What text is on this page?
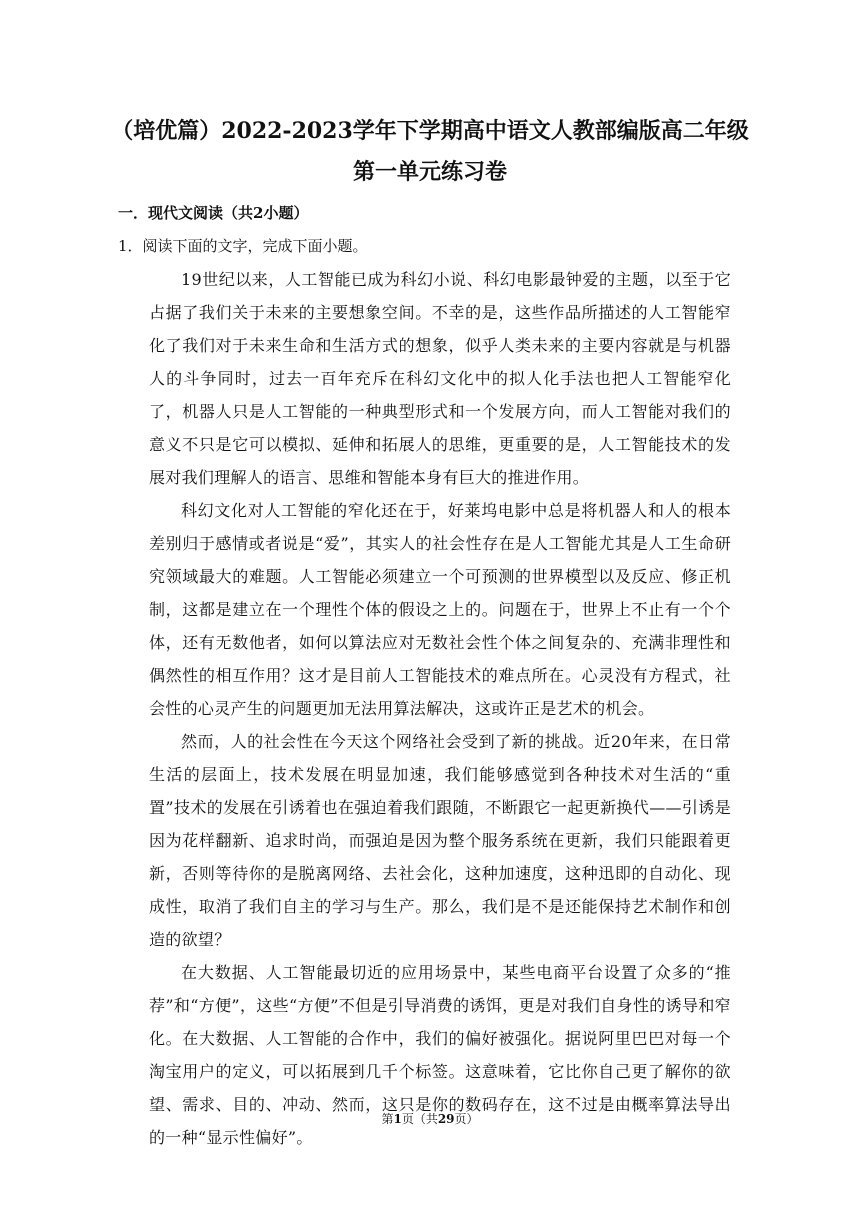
（培优篇）2022-2023学年下学期高中语文人教部编版高二年级
第一单元练习卷
一．现代文阅读（共2小题）
1．阅读下面的文字，完成下面小题。

19世纪以来，人工智能已成为科幻小说、科幻电影最钟爱的主题，以至于它占据了我们关于未来的主要想象空间。不幸的是，这些作品所描述的人工智能窄化了我们对于未来生命和生活方式的想象，似乎人类未来的主要内容就是与机器人的斗争同时，过去一百年充斥在科幻文化中的拟人化手法也把人工智能窄化了，机器人只是人工智能的一种典型形式和一个发展方向，而人工智能对我们的意义不只是它可以模拟、延伸和拓展人的思维，更重要的是，人工智能技术的发展对我们理解人的语言、思维和智能本身有巨大的推进作用。

科幻文化对人工智能的窄化还在于，好莱坞电影中总是将机器人和人的根本差别归于感情或者说是“爱”，其实人的社会性存在是人工智能尤其是人工生命研究领域最大的难题。人工智能必须建立一个可预测的世界模型以及反应、修正机制，这都是建立在一个理性个体的假设之上的。问题在于，世界上不止有一个个体，还有无数他者，如何以算法应对无数社会性个体之间复杂的、充满非理性和偶然性的相互作用？这才是目前人工智能技术的难点所在。心灵没有方程式，社会性的心灵产生的问题更加无法用算法解决，这或许正是艺术的机会。

然而，人的社会性在今天这个网络社会受到了新的挑战。近20年来，在日常生活的层面上，技术发展在明显加速，我们能够感觉到各种技术对生活的“重置”技术的发展在引诱着也在强迫着我们跟随，不断跟它一起更新换代——引诱是因为花样翻新、追求时尚，而强迫是因为整个服务系统在更新，我们只能跟着更新，否则等待你的是脱离网络、去社会化，这种加速度，这种迅即的自动化、现成性，取消了我们自主的学习与生产。那么，我们是不是还能保持艺术制作和创造的欲望？

在大数据、人工智能最切近的应用场景中，某些电商平台设置了众多的“推荐”和“方便”，这些“方便”不但是引导消费的诱饵，更是对我们自身性的诱导和窄化。在大数据、人工智能的合作中，我们的偏好被强化。据说阿里巴巴对每一个淘宝用户的定义，可以拓展到几千个标签。这意味着，它比你自己更了解你的欲望、需求、目的、冲动、然而，这只是你的数码存在，这不过是由概率算法导出的一种“显示性偏好”。

第1页（共29页）
